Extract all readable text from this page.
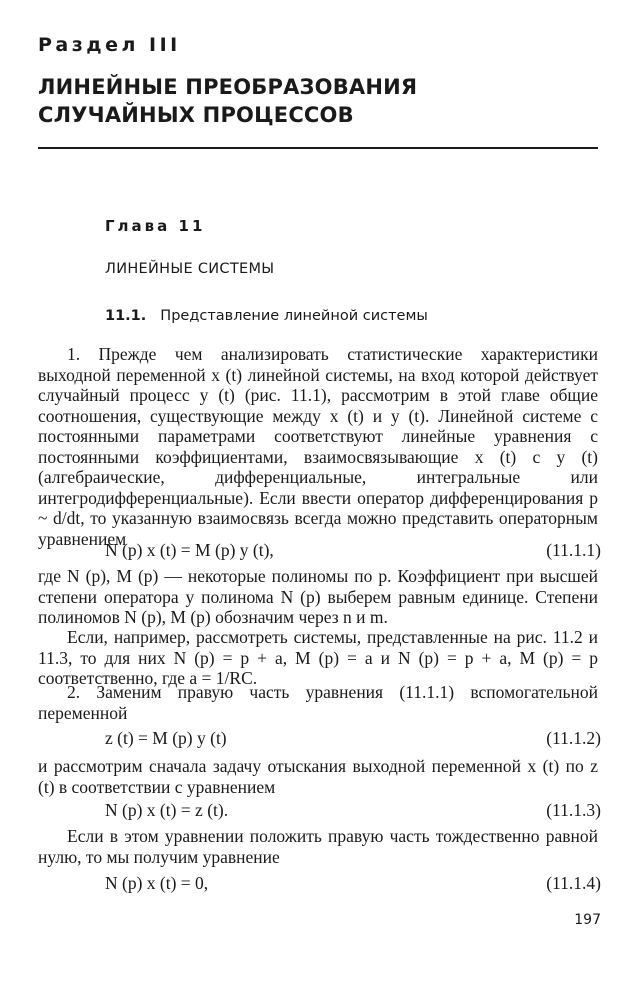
Раздел III
ЛИНЕЙНЫЕ ПРЕОБРАЗОВАНИЯ
СЛУЧАЙНЫХ ПРОЦЕССОВ
Глава 11
ЛИНЕЙНЫЕ СИСТЕМЫ
11.1. Представление линейной системы
1. Прежде чем анализировать статистические характеристики выходной переменной x (t) линейной системы, на вход которой действует случайный процесс y (t) (рис. 11.1), рассмотрим в этой главе общие соотношения, существующие между x (t) и y (t). Линейной системе с постоянными параметрами соответствуют линейные уравнения с постоянными коэффициентами, взаимосвязывающие x (t) с y (t) (алгебраические, дифференциальные, интегральные или интегродифференциальные). Если ввести оператор дифференцирования p ~ d/dt, то указанную взаимосвязь всегда можно представить операторным уравнением
N (p) x (t) = M (p) y (t),	(11.1.1)
где N (p), M (p) — некоторые полиномы по p. Коэффициент при высшей степени оператора у полинома N (p) выберем равным единице. Степени полиномов N (p), M (p) обозначим через n и m.
Если, например, рассмотреть системы, представленные на рис. 11.2 и 11.3, то для них N (p) = p + a, M (p) = a и N (p) = p + a, M (p) = p соответственно, где a = 1/RC.
2. Заменим правую часть уравнения (11.1.1) вспомогательной переменной
z (t) = M (p) y (t)	(11.1.2)
и рассмотрим сначала задачу отыскания выходной переменной x (t) по z (t) в соответствии с уравнением
N (p) x (t) = z (t).	(11.1.3)
Если в этом уравнении положить правую часть тождественно равной нулю, то мы получим уравнение
N (p) x (t) = 0,	(11.1.4)
197
